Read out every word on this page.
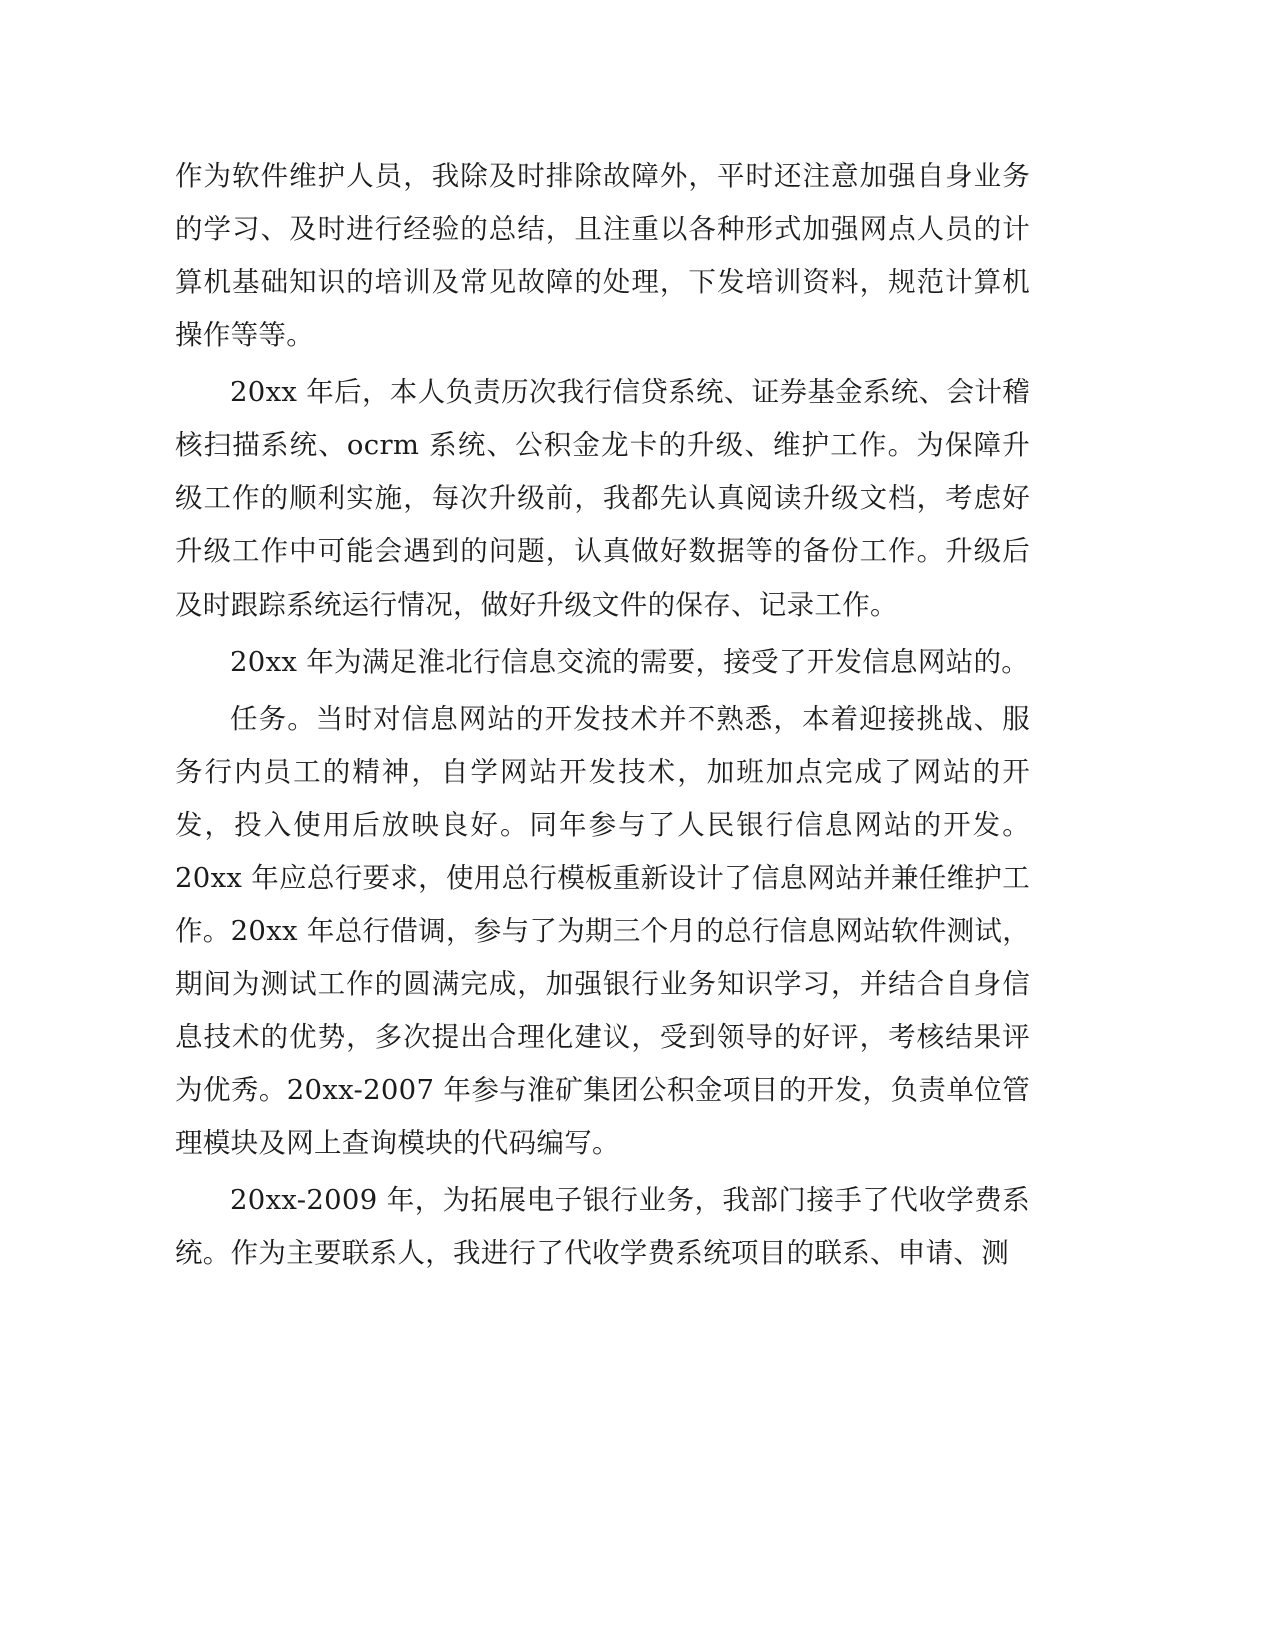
作为软件维护人员，我除及时排除故障外，平时还注意加强自身业务的学习、及时进行经验的总结，且注重以各种形式加强网点人员的计算机基础知识的培训及常见故障的处理，下发培训资料，规范计算机操作等等。

20xx 年后，本人负责历次我行信贷系统、证券基金系统、会计稽核扫描系统、ocrm 系统、公积金龙卡的升级、维护工作。为保障升级工作的顺利实施，每次升级前，我都先认真阅读升级文档，考虑好升级工作中可能会遇到的问题，认真做好数据等的备份工作。升级后及时跟踪系统运行情况，做好升级文件的保存、记录工作。

20xx 年为满足淮北行信息交流的需要，接受了开发信息网站的。

任务。当时对信息网站的开发技术并不熟悉，本着迎接挑战、服务行内员工的精神，自学网站开发技术，加班加点完成了网站的开发，投入使用后放映良好。同年参与了人民银行信息网站的开发。20xx 年应总行要求，使用总行模板重新设计了信息网站并兼任维护工作。20xx 年总行借调，参与了为期三个月的总行信息网站软件测试，期间为测试工作的圆满完成，加强银行业务知识学习，并结合自身信息技术的优势，多次提出合理化建议，受到领导的好评，考核结果评为优秀。20xx-2007 年参与淮矿集团公积金项目的开发，负责单位管理模块及网上查询模块的代码编写。

20xx-2009 年，为拓展电子银行业务，我部门接手了代收学费系统。作为主要联系人，我进行了代收学费系统项目的联系、申请、测
